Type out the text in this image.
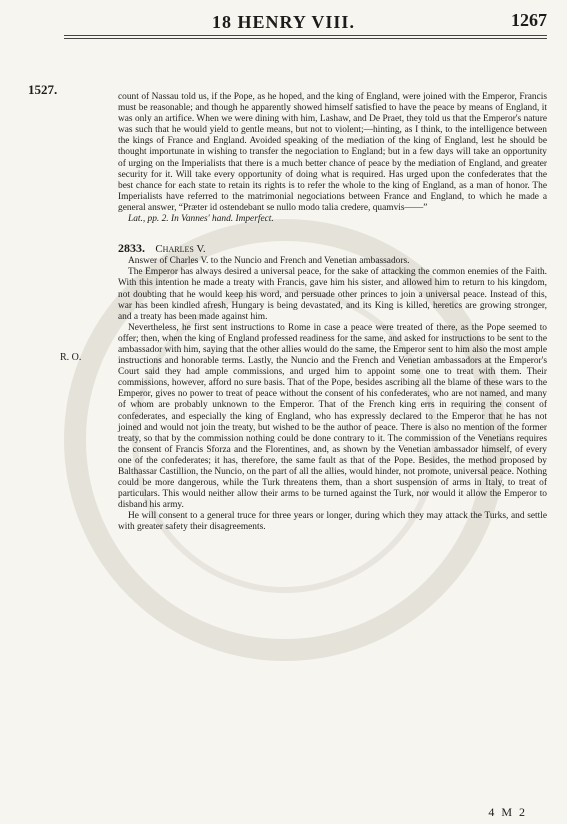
18 HENRY VIII.	1267
1527.
R. O.

count of Nassau told us, if the Pope, as he hoped, and the king of England, were joined with the Emperor, Francis must be reasonable; and though he apparently showed himself satisfied to have the peace by means of England, it was only an artifice. When we were dining with him, Lashaw, and De Praet, they told us that the Emperor's nature was such that he would yield to gentle means, but not to violent;—hinting, as I think, to the intelligence between the kings of France and England. Avoided speaking of the mediation of the king of England, lest he should be thought importunate in wishing to transfer the negociation to England; but in a few days will take an opportunity of urging on the Imperialists that there is a much better chance of peace by the mediation of England, and greater security for it. Will take every opportunity of doing what is required. Has urged upon the confederates that the best chance for each state to retain its rights is to refer the whole to the king of England, as a man of honor. The Imperialists have referred to the matrimonial negociations between France and England, to which he made a general answer, “Præter id ostendebant se nullo modo talia credere, quamvis——”

Lat., pp. 2. In Vannes' hand. Imperfect.

2833. Charles V.

Answer of Charles V. to the Nuncio and French and Venetian ambassadors.

The Emperor has always desired a universal peace, for the sake of attacking the common enemies of the Faith. With this intention he made a treaty with Francis, gave him his sister, and allowed him to return to his kingdom, not doubting that he would keep his word, and persuade other princes to join a universal peace. Instead of this, war has been kindled afresh, Hungary is being devastated, and its King is killed, heretics are growing stronger, and a treaty has been made against him.

Nevertheless, he first sent instructions to Rome in case a peace were treated of there, as the Pope seemed to offer; then, when the king of England professed readiness for the same, and asked for instructions to be sent to the ambassador with him, saying that the other allies would do the same, the Emperor sent to him also the most ample instructions and honorable terms. Lastly, the Nuncio and the French and Venetian ambassadors at the Emperor's Court said they had ample commissions, and urged him to appoint some one to treat with them. Their commissions, however, afford no sure basis. That of the Pope, besides ascribing all the blame of these wars to the Emperor, gives no power to treat of peace without the consent of his confederates, who are not named, and many of whom are probably unknown to the Emperor. That of the French king errs in requiring the consent of confederates, and especially the king of England, who has expressly declared to the Emperor that he has not joined and would not join the treaty, but wished to be the author of peace. There is also no mention of the former treaty, so that by the commission nothing could be done contrary to it. The commission of the Venetians requires the consent of Francis Sforza and the Florentines, and, as shown by the Venetian ambassador himself, of every one of the confederates; it has, therefore, the same fault as that of the Pope. Besides, the method proposed by Balthassar Castillion, the Nuncio, on the part of all the allies, would hinder, not promote, universal peace. Nothing could be more dangerous, while the Turk threatens them, than a short suspension of arms in Italy, to treat of particulars. This would neither allow their arms to be turned against the Turk, nor would it allow the Emperor to disband his army.

He will consent to a general truce for three years or longer, during which they may attack the Turks, and settle with greater safety their disagreements.

4 M 2
